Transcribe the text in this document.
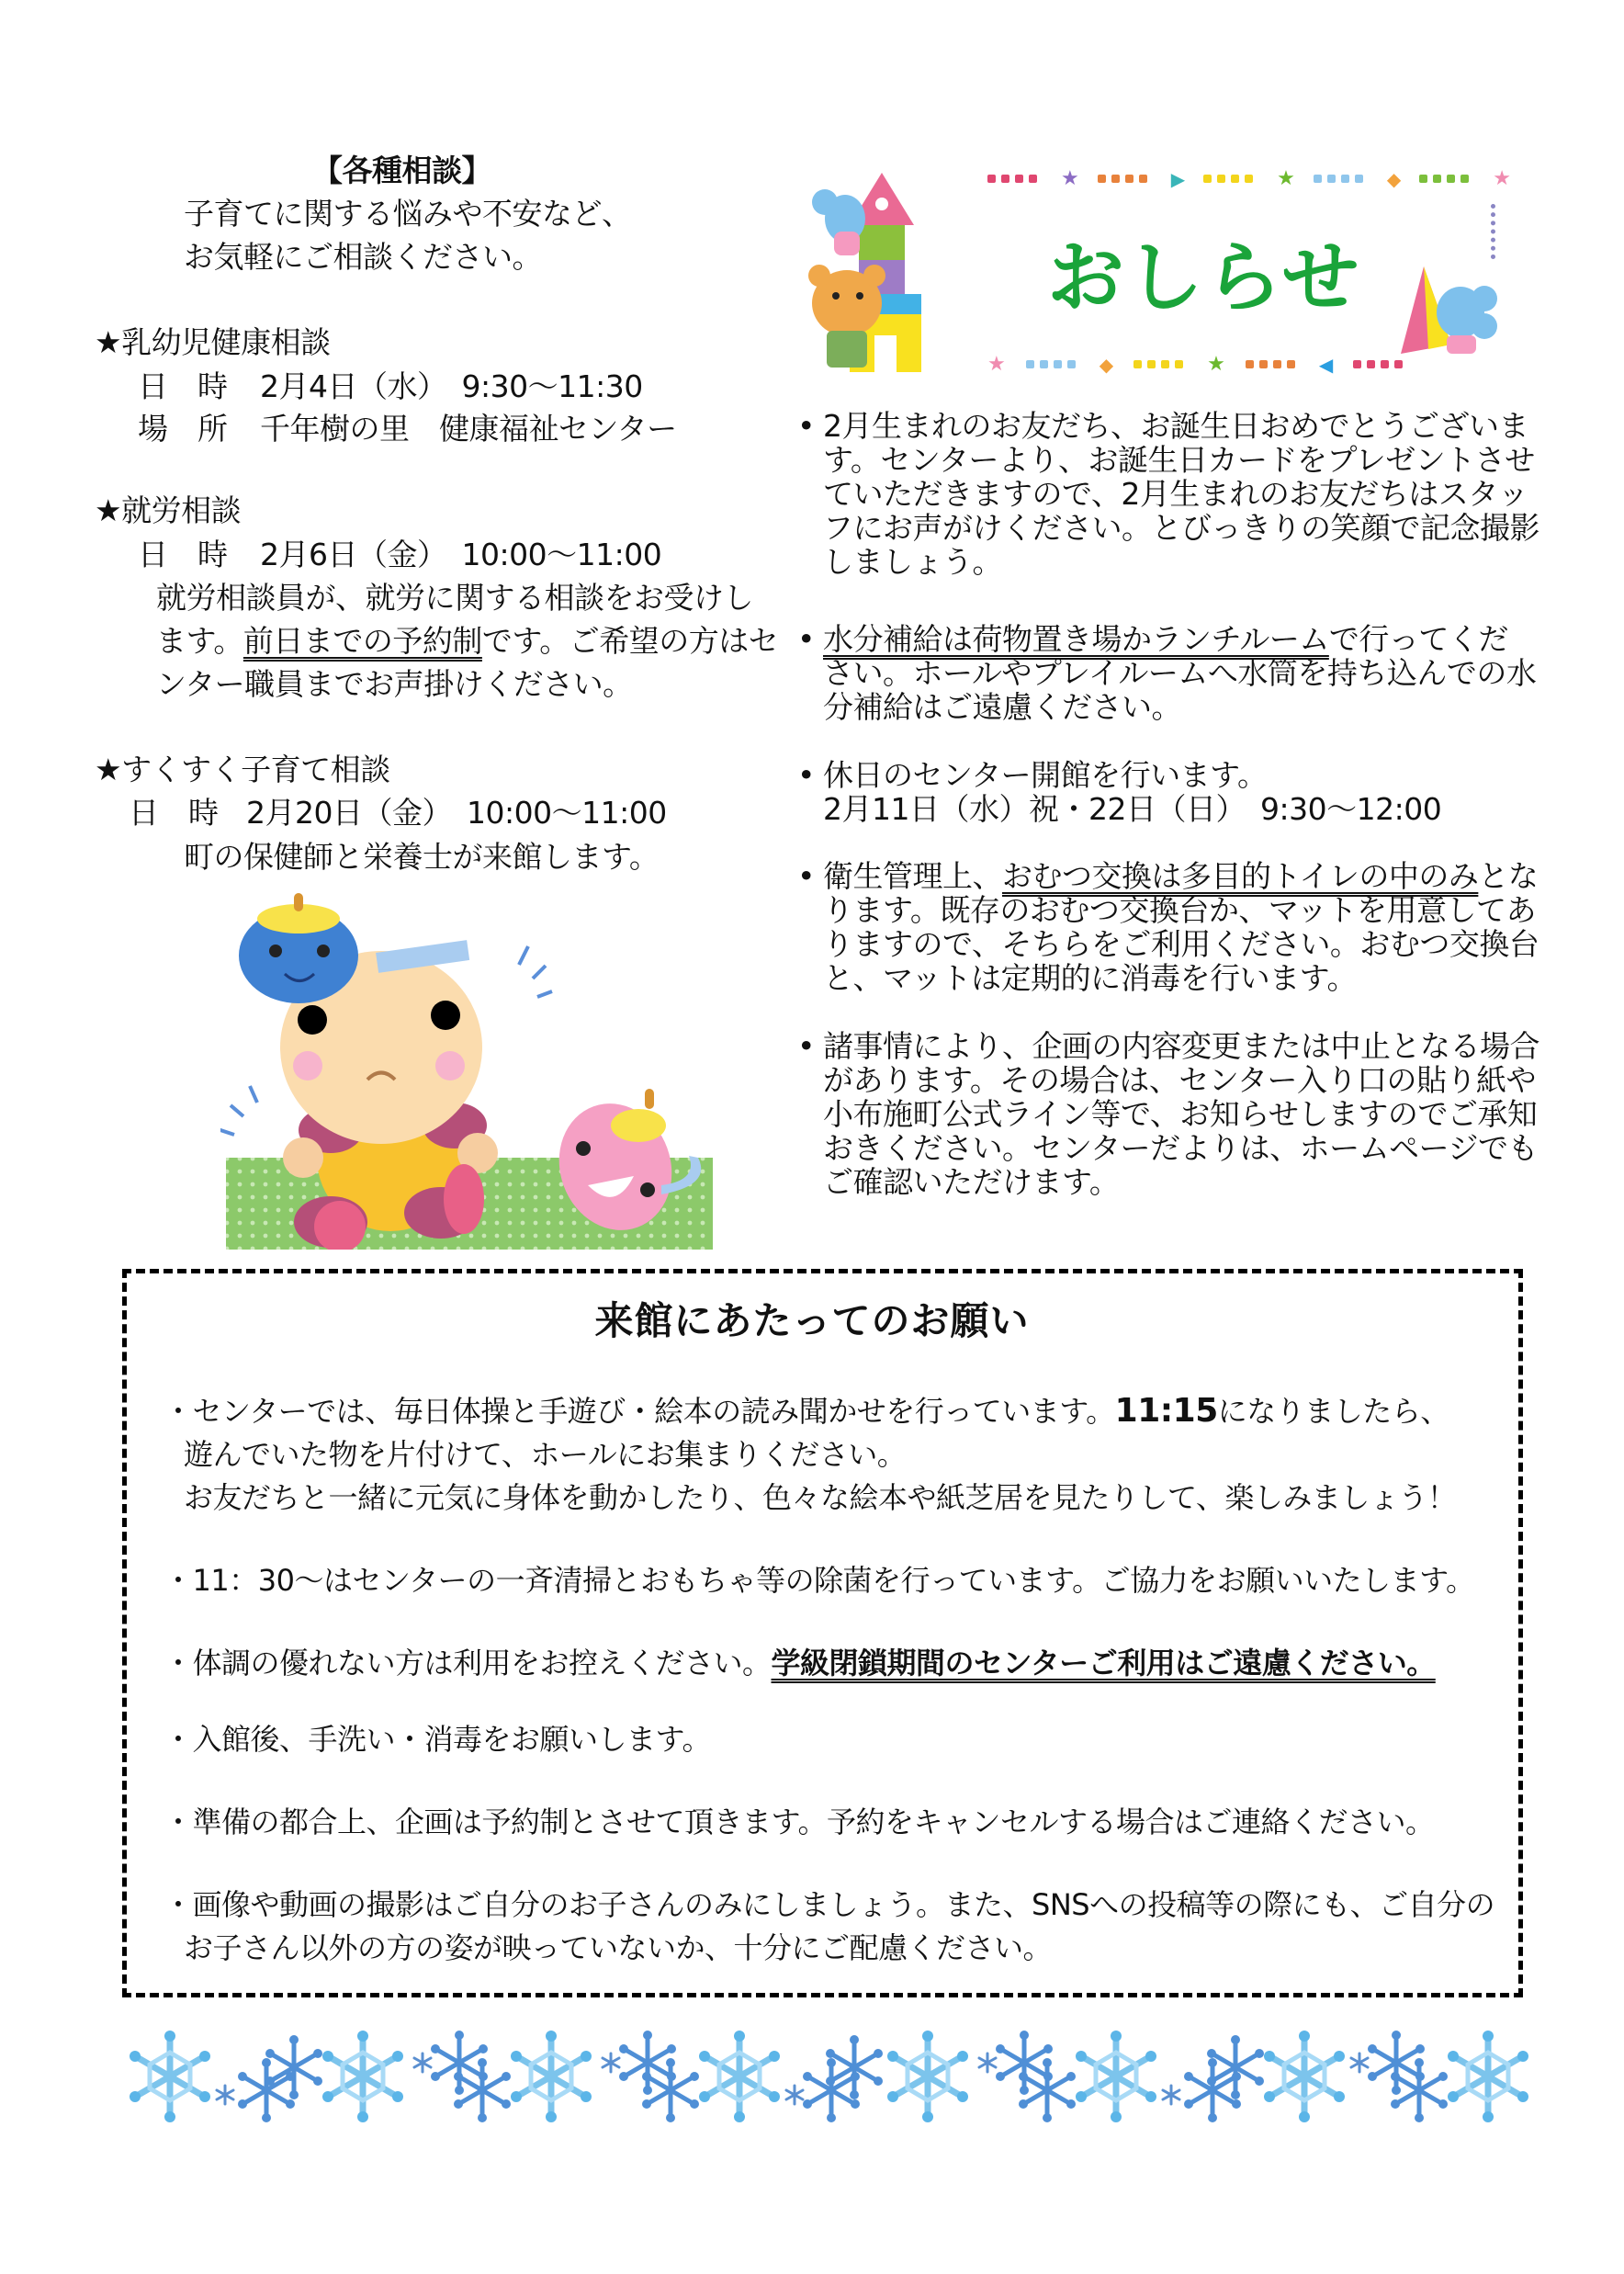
【各種相談】
子育てに関する悩みや不安など、
お気軽にご相談ください。
★乳幼児健康相談
日　時 2月4日（水）　9:30～11:30
場　所 千年樹の里　健康福祉センター
★就労相談
日　時 2月6日（金）　10:00～11:00
就労相談員が、就労に関する相談をお受けし
ます。前日までの予約制です。ご希望の方はセ
ンター職員までお声掛けください。
★すくすく子育て相談
日　時 2月20日（金）　10:00～11:00
町の保健師と栄養士が来館します。
★	▶	★	◆	★
★	◆	★	◀
おしらせ
• 2月生まれのお友だち、お誕生日おめでとうございま
す。センターより、お誕生日カードをプレゼントさせ
ていただきますので、2月生まれのお友だちはスタッ
フにお声がけください。とびっきりの笑顔で記念撮影
しましょう。
• 水分補給は荷物置き場かランチルームで行ってくだ
さい。ホールやプレイルームへ水筒を持ち込んでの水
分補給はご遠慮ください。
• 休日のセンター開館を行います。
2月11日（水）祝・22日（日）　9:30～12:00
• 衛生管理上、おむつ交換は多目的トイレの中のみとな
ります。既存のおむつ交換台か、マットを用意してあ
りますので、そちらをご利用ください。おむつ交換台
と、マットは定期的に消毒を行います。
• 諸事情により、企画の内容変更または中止となる場合
があります。その場合は、センター入り口の貼り紙や
小布施町公式ライン等で、お知らせしますのでご承知
おきください。センターだよりは、ホームページでも
ご確認いただけます。
来館にあたってのお願い
・センターでは、毎日体操と手遊び・絵本の読み聞かせを行っています。11:15になりましたら、
遊んでいた物を片付けて、ホールにお集まりください。
お友だちと一緒に元気に身体を動かしたり、色々な絵本や紙芝居を見たりして、楽しみましょう！
・11：30～はセンターの一斉清掃とおもちゃ等の除菌を行っています。ご協力をお願いいたします。
・体調の優れない方は利用をお控えください。学級閉鎖期間のセンターご利用はご遠慮ください。
・入館後、手洗い・消毒をお願いします。
・準備の都合上、企画は予約制とさせて頂きます。予約をキャンセルする場合はご連絡ください。
・画像や動画の撮影はご自分のお子さんのみにしましょう。また、SNSへの投稿等の際にも、ご自分の
お子さん以外の方の姿が映っていないか、十分にご配慮ください。
